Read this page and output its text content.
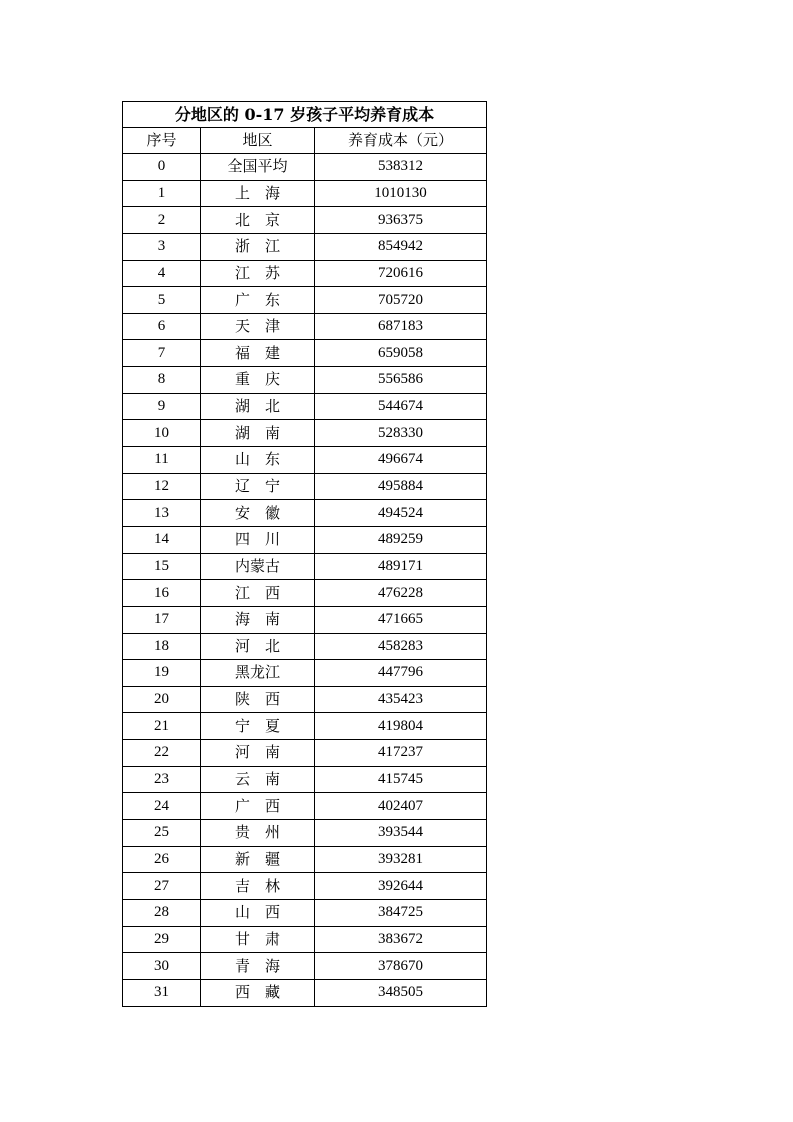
分地区的 0-17 岁孩子平均养育成本		
序号	地区	养育成本（元）
0	全国平均	538312
1	上　海	1010130
2	北　京	936375
3	浙　江	854942
4	江　苏	720616
5	广　东	705720
6	天　津	687183
7	福　建	659058
8	重　庆	556586
9	湖　北	544674
10	湖　南	528330
11	山　东	496674
12	辽　宁	495884
13	安　徽	494524
14	四　川	489259
15	内蒙古	489171
16	江　西	476228
17	海　南	471665
18	河　北	458283
19	黑龙江	447796
20	陕　西	435423
21	宁　夏	419804
22	河　南	417237
23	云　南	415745
24	广　西	402407
25	贵　州	393544
26	新　疆	393281
27	吉　林	392644
28	山　西	384725
29	甘　肃	383672
30	青　海	378670
31	西　藏	348505
